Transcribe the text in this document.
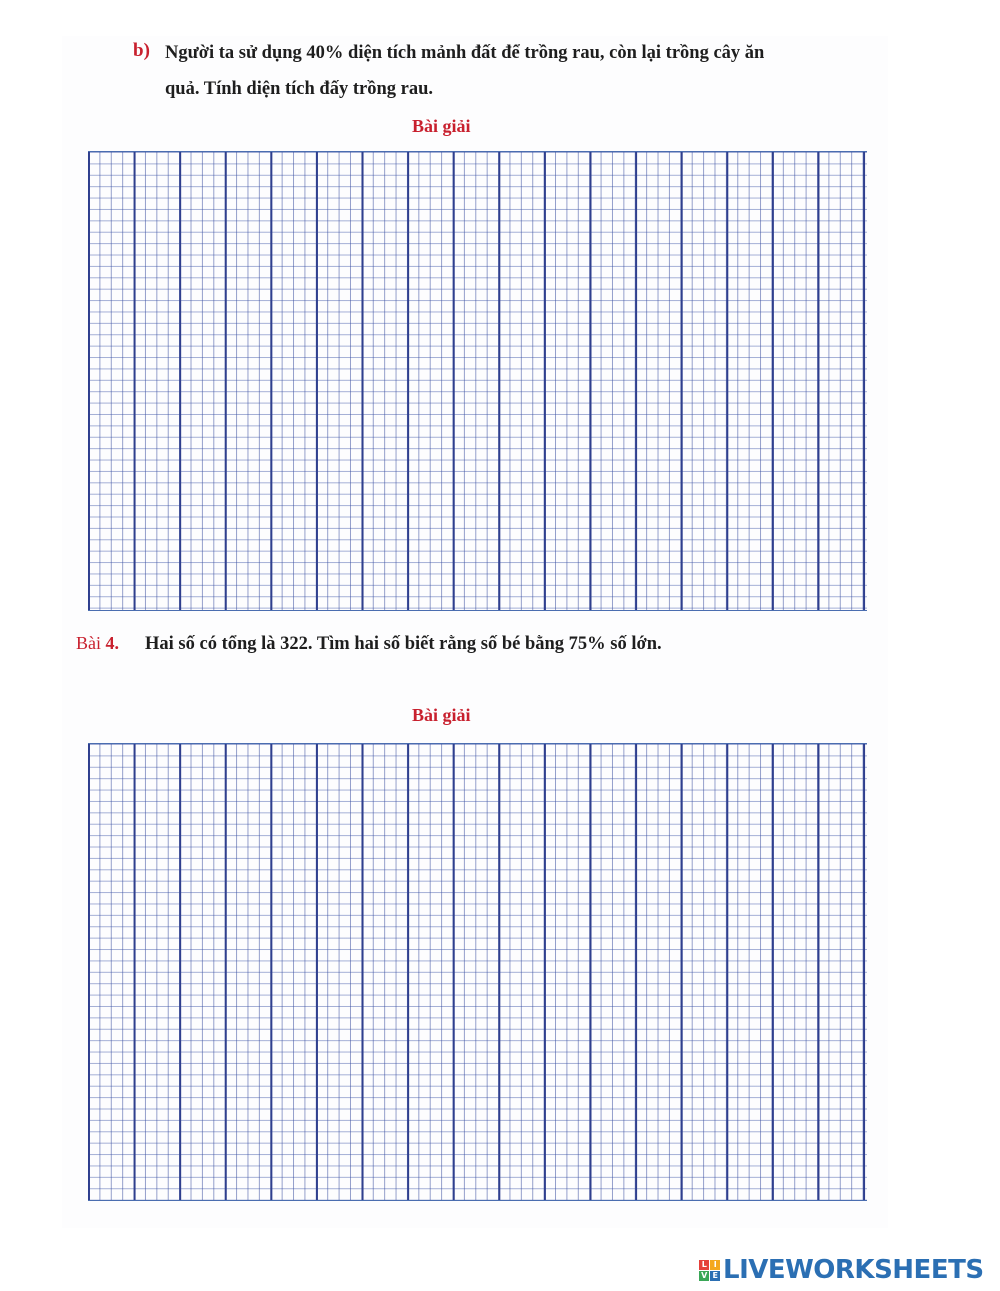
b) Người ta sử dụng 40% diện tích mảnh đất để trồng rau, còn lại trồng cây ăn
quả. Tính diện tích đấy trồng rau.
Bài giải
Bài 4. Hai số có tổng là 322. Tìm hai số biết rằng số bé bằng 75% số lớn.
Bài giải
L I
V E LIVEWORKSHEETS
